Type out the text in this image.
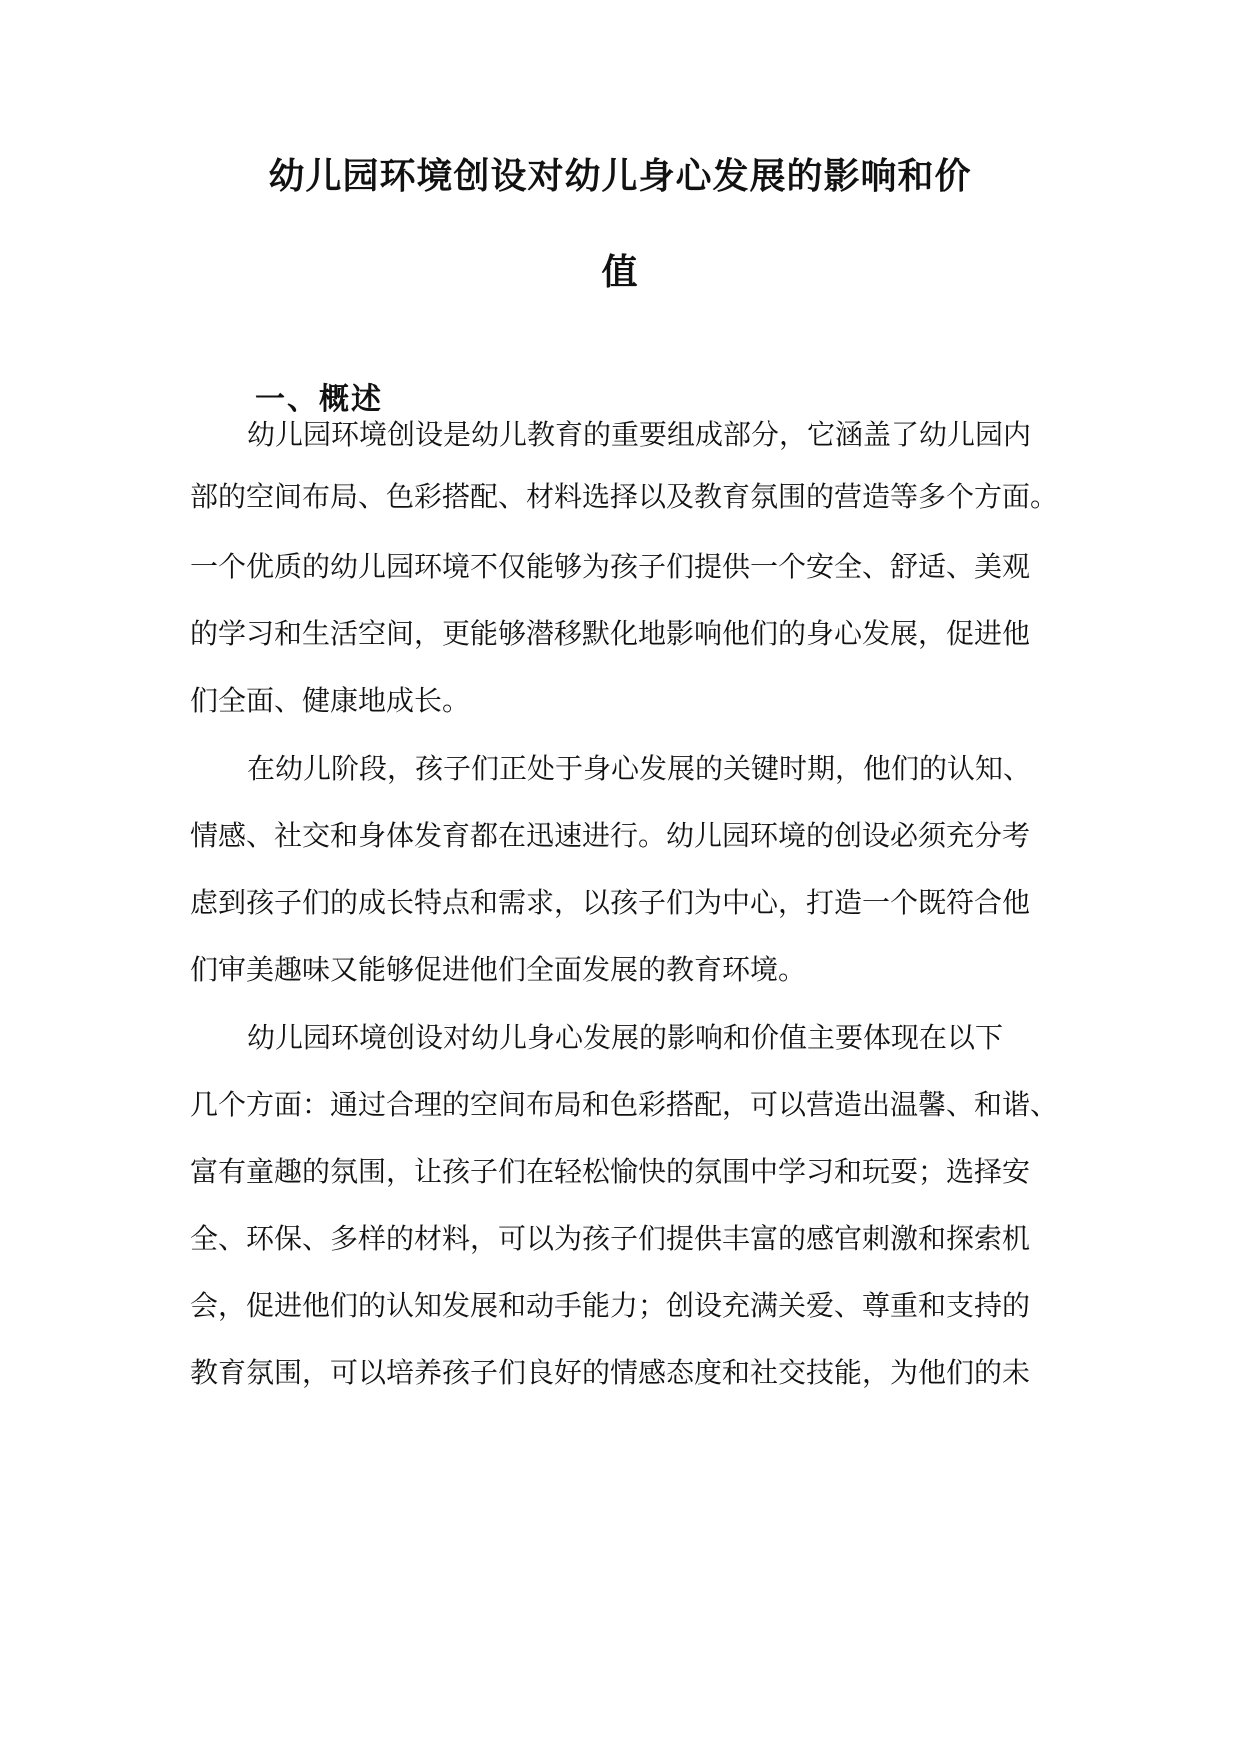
幼儿园环境创设对幼儿身心发展的影响和价
值
一、概述
幼儿园环境创设是幼儿教育的重要组成部分，它涵盖了幼儿园内
部的空间布局、色彩搭配、材料选择以及教育氛围的营造等多个方面。
一个优质的幼儿园环境不仅能够为孩子们提供一个安全、舒适、美观
的学习和生活空间，更能够潜移默化地影响他们的身心发展，促进他
们全面、健康地成长。
在幼儿阶段，孩子们正处于身心发展的关键时期，他们的认知、
情感、社交和身体发育都在迅速进行。幼儿园环境的创设必须充分考
虑到孩子们的成长特点和需求，以孩子们为中心，打造一个既符合他
们审美趣味又能够促进他们全面发展的教育环境。
幼儿园环境创设对幼儿身心发展的影响和价值主要体现在以下
几个方面：通过合理的空间布局和色彩搭配，可以营造出温馨、和谐、
富有童趣的氛围，让孩子们在轻松愉快的氛围中学习和玩耍；选择安
全、环保、多样的材料，可以为孩子们提供丰富的感官刺激和探索机
会，促进他们的认知发展和动手能力；创设充满关爱、尊重和支持的
教育氛围，可以培养孩子们良好的情感态度和社交技能，为他们的未
